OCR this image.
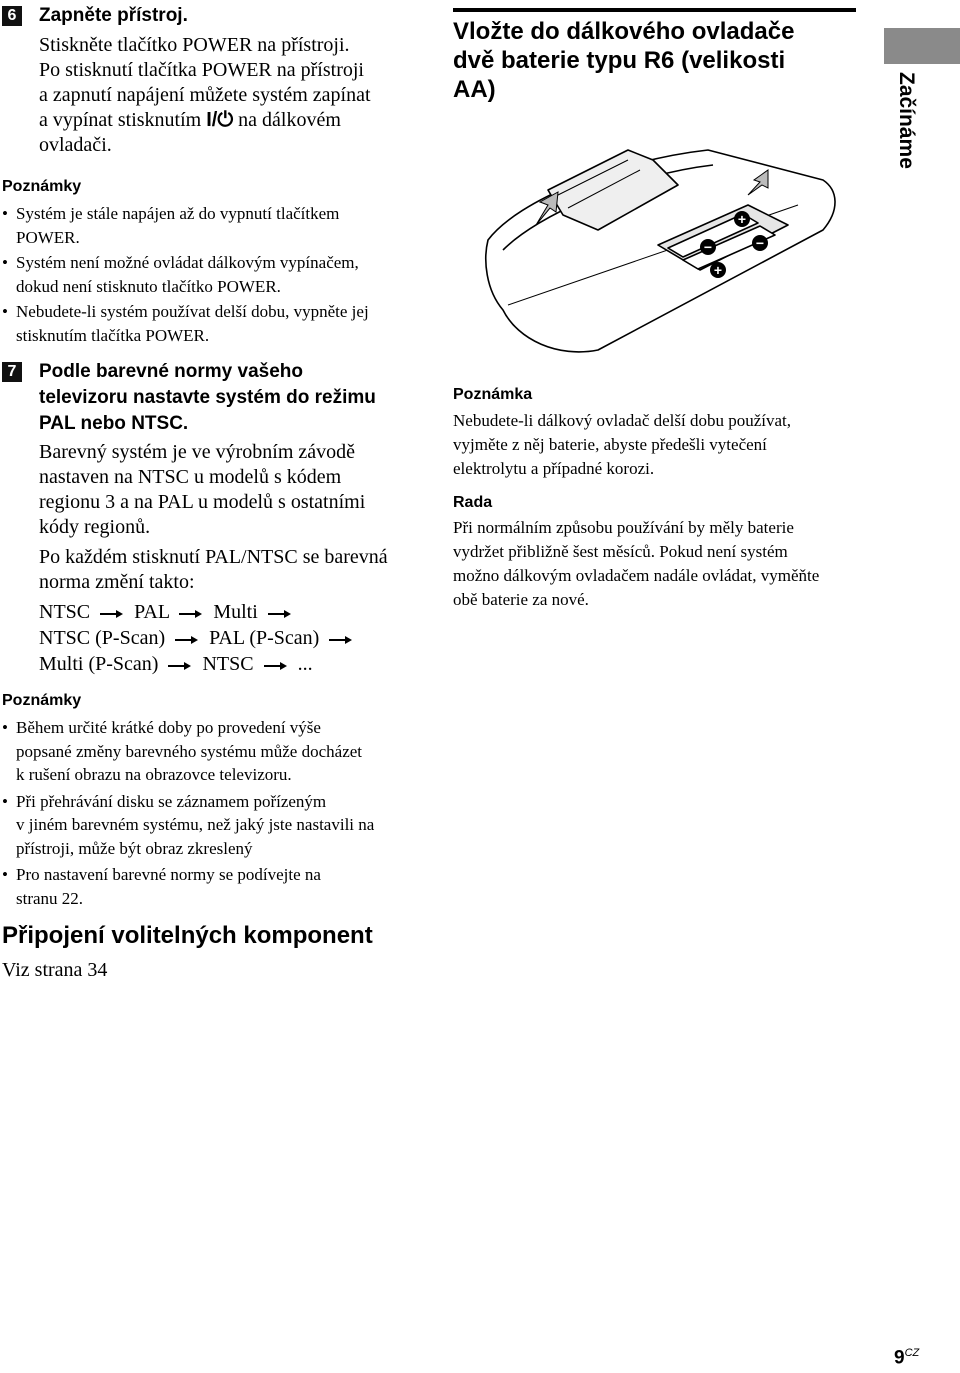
6 Zapněte přístroj.
Stiskněte tlačítko POWER na přístroji.
Po stisknutí tlačítka POWER na přístroji
a zapnutí napájení můžete systém zapínat
a vypínat stisknutím I/⏻ na dálkovém
ovladači.
Poznámky
• Systém je stále napájen až do vypnutí tlačítkem
POWER.
• Systém není možné ovládat dálkovým vypínačem,
dokud není stisknuto tlačítko POWER.
• Nebudete-li systém používat delší dobu, vypněte jej
stisknutím tlačítka POWER.
7 Podle barevné normy vašeho
televizoru nastavte systém do režimu
PAL nebo NTSC.
Barevný systém je ve výrobním závodě
nastaven na NTSC u modelů s kódem
regionu 3 a na PAL u modelů s ostatními
kódy regionů.
Po každém stisknutí PAL/NTSC se barevná
norma změní takto:
NTSC PAL Multi
NTSC (P-Scan) PAL (P-Scan)
Multi (P-Scan) NTSC ...
Poznámky
• Během určité krátké doby po provedení výše
popsané změny barevného systému může docházet
k rušení obrazu na obrazovce televizoru.
• Při přehrávání disku se záznamem pořízeným
v jiném barevném systému, než jaký jste nastavili na
přístroji, může být obraz zkreslený
• Pro nastavení barevné normy se podívejte na
stranu 22.
Připojení volitelných komponent
Viz strana 34
Vložte do dálkového ovladače
dvě baterie typu R6 (velikosti
AA)
+
−	−
+
Poznámka
Nebudete-li dálkový ovladač delší dobu používat,
vyjměte z něj baterie, abyste předešli vytečení
elektrolytu a případné korozi.
Rada
Při normálním způsobu používání by měly baterie
vydržet přibližně šest měsíců. Pokud není systém
možno dálkovým ovladačem nadále ovládat, vyměňte
obě baterie za nové.
Začínáme
$9^{CZ}$
